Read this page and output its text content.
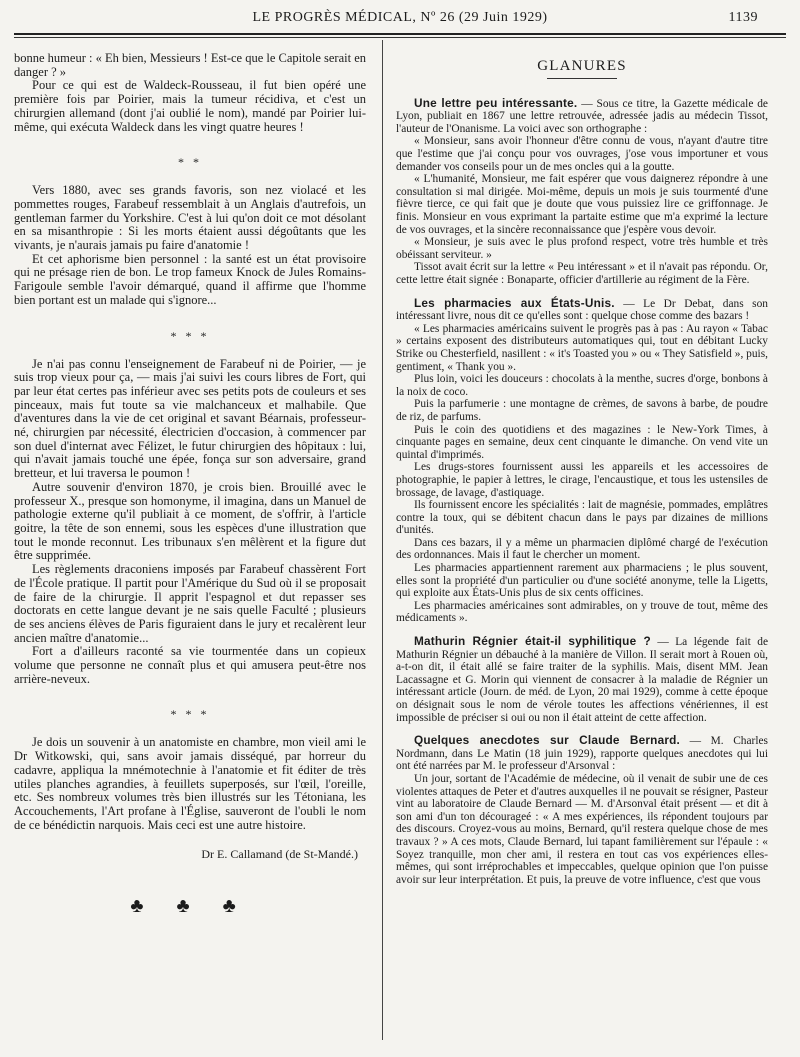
LE PROGRÈS MÉDICAL, Nº 26 (29 Juin 1929)	1139

bonne humeur : « Eh bien, Messieurs ! Est-ce que le Capitole serait en danger ? »

Pour ce qui est de Waldeck-Rousseau, il fut bien opéré une première fois par Poirier, mais la tumeur récidiva, et c'est un chirurgien allemand (dont j'ai oublié le nom), mandé par Poirier lui-même, qui exécuta Waldeck dans les vingt quatre heures !

* *

Vers 1880, avec ses grands favoris, son nez violacé et les pommettes rouges, Farabeuf ressemblait à un Anglais d'autrefois, un gentleman farmer du Yorkshire. C'est à lui qu'on doit ce mot désolant en sa misanthropie : Si les morts étaient aussi dégoûtants que les vivants, je n'aurais jamais pu faire d'anatomie !

Et cet aphorisme bien personnel : la santé est un état provisoire qui ne présage rien de bon. Le trop fameux Knock de Jules Romains-Farigoule semble l'avoir démarqué, quand il affirme que l'homme bien portant est un malade qui s'ignore...

* * *

Je n'ai pas connu l'enseignement de Farabeuf ni de Poirier, — je suis trop vieux pour ça, — mais j'ai suivi les cours libres de Fort, qui par leur état certes pas inférieur avec ses petits pots de couleurs et ses pinceaux, mais fut toute sa vie malchanceux et malhabile. Que d'aventures dans la vie de cet original et savant Béarnais, professeur-né, chirurgien par nécessité, électricien d'occasion, à commencer par son duel d'internat avec Félizet, le futur chirurgien des hôpitaux : lui, qui n'avait jamais touché une épée, fonça sur son adversaire, grand bretteur, et lui traversa le poumon !

Autre souvenir d'environ 1870, je crois bien. Brouillé avec le professeur X., presque son homonyme, il imagina, dans un Manuel de pathologie externe qu'il publiait à ce moment, de s'offrir, à l'article goitre, la tête de son ennemi, sous les espèces d'une illustration que tout le monde reconnut. Les tribunaux s'en mêlèrent et la figure dut être supprimée.

Les règlements draconiens imposés par Farabeuf chassèrent Fort de l'École pratique. Il partit pour l'Amérique du Sud où il se proposait de faire de la chirurgie. Il apprit l'espagnol et dut repasser ses doctorats en cette langue devant je ne sais quelle Faculté ; plusieurs de ses anciens élèves de Paris figuraient dans le jury et recalèrent leur ancien maître d'anatomie...

Fort a d'ailleurs raconté sa vie tourmentée dans un copieux volume que personne ne connaît plus et qui amusera peut-être nos arrière-neveux.

* * *

Je dois un souvenir à un anatomiste en chambre, mon vieil ami le Dr Witkowski, qui, sans avoir jamais disséqué, par horreur du cadavre, appliqua la mnémotechnie à l'anatomie et fit éditer de très utiles planches agrandies, à feuillets superposés, sur l'œil, l'oreille, etc. Ses nombreux volumes très bien illustrés sur les Tétoniana, les Accouchements, l'Art profane à l'Église, sauveront de l'oubli le nom de ce bénédictin narquois. Mais ceci est une autre histoire.

Dr E. Callamand (de St-Mandé.)
♣ ♣ ♣
GLANURES

Une lettre peu intéressante. — Sous ce titre, la Gazette médicale de Lyon, publiait en 1867 une lettre retrouvée, adressée jadis au médecin Tissot, l'auteur de l'Onanisme. La voici avec son orthographe :

« Monsieur, sans avoir l'honneur d'être connu de vous, n'ayant d'autre titre que l'estime que j'ai conçu pour vos ouvrages, j'ose vous importuner et vous demander vos conseils pour un de mes oncles qui a la goutte.

« L'humanité, Monsieur, me fait espérer que vous daignerez répondre à une consultation si mal dirigée. Moi-même, depuis un mois je suis tourmenté d'une fièvre tierce, ce qui fait que je doute que vous puissiez lire ce griffonnage. Je finis. Monsieur en vous exprimant la partaite estime que m'a exprimé la lecture de vos ouvrages, et la sincère reconnaissance que j'espère vous devoir.

« Monsieur, je suis avec le plus profond respect, votre très humble et très obéissant serviteur. »

Tissot avait écrit sur la lettre « Peu intéressant » et il n'avait pas répondu. Or, cette lettre était signée : Bonaparte, officier d'artillerie au régiment de la Fère.

Les pharmacies aux États-Unis. — Le Dr Debat, dans son intéressant livre, nous dit ce qu'elles sont : quelque chose comme des bazars !

« Les pharmacies américains suivent le progrès pas à pas : Au rayon « Tabac » certains exposent des distributeurs automatiques qui, tout en débitant Lucky Strike ou Chesterfield, nasillent : « it's Toasted you » ou « They Satisfield », puis, gentiment, « Thank you ».

Plus loin, voici les douceurs : chocolats à la menthe, sucres d'orge, bonbons à la noix de coco.

Puis la parfumerie : une montagne de crèmes, de savons à barbe, de poudre de riz, de parfums.

Puis le coin des quotidiens et des magazines : le New-York Times, à cinquante pages en semaine, deux cent cinquante le dimanche. On vend vite un quintal d'imprimés.

Les drugs-stores fournissent aussi les appareils et les accessoires de photographie, le papier à lettres, le cirage, l'encaustique, et tous les ustensiles de brossage, de lavage, d'astiquage.

Ils fournissent encore les spécialités : lait de magnésie, pommades, emplâtres contre la toux, qui se débitent chacun dans le pays par dizaines de millions d'unités.

Dans ces bazars, il y a même un pharmacien diplômé chargé de l'exécution des ordonnances. Mais il faut le chercher un moment.

Les pharmacies appartiennent rarement aux pharmaciens ; le plus souvent, elles sont la propriété d'un particulier ou d'une société anonyme, telle la Ligetts, qui exploite aux États-Unis plus de six cents officines.

Les pharmacies américaines sont admirables, on y trouve de tout, même des médicaments ».

Mathurin Régnier était-il syphilitique ? — La légende fait de Mathurin Régnier un débauché à la manière de Villon. Il serait mort à Rouen où, a-t-on dit, il était allé se faire traiter de la syphilis. Mais, disent MM. Jean Lacassagne et G. Morin qui viennent de consacrer à la maladie de Régnier un intéressant article (Journ. de méd. de Lyon, 20 mai 1929), comme à cette époque on désignait sous le nom de vérole toutes les affections vénériennes, il est impossible de préciser si oui ou non il était atteint de cette affection.

Quelques anecdotes sur Claude Bernard. — M. Charles Nordmann, dans Le Matin (18 juin 1929), rapporte quelques anecdotes qui lui ont été narrées par M. le professeur d'Arsonval :

Un jour, sortant de l'Académie de médecine, où il venait de subir une de ces violentes attaques de Peter et d'autres auxquelles il ne pouvait se résigner, Pasteur vint au laboratoire de Claude Bernard — M. d'Arsonval était présent — et dit à son ami d'un ton décourageé : « A mes expériences, ils répondent toujours par des discours. Croyez-vous au moins, Bernard, qu'il restera quelque chose de mes travaux ? » A ces mots, Claude Bernard, lui tapant familièrement sur l'épaule : « Soyez tranquille, mon cher ami, il restera en tout cas vos expériences elles-mêmes, qui sont irréprochables et impeccables, quelque opinion que l'on puisse avoir sur leur interprétation. Et puis, la preuve de votre influence, c'est que vous
